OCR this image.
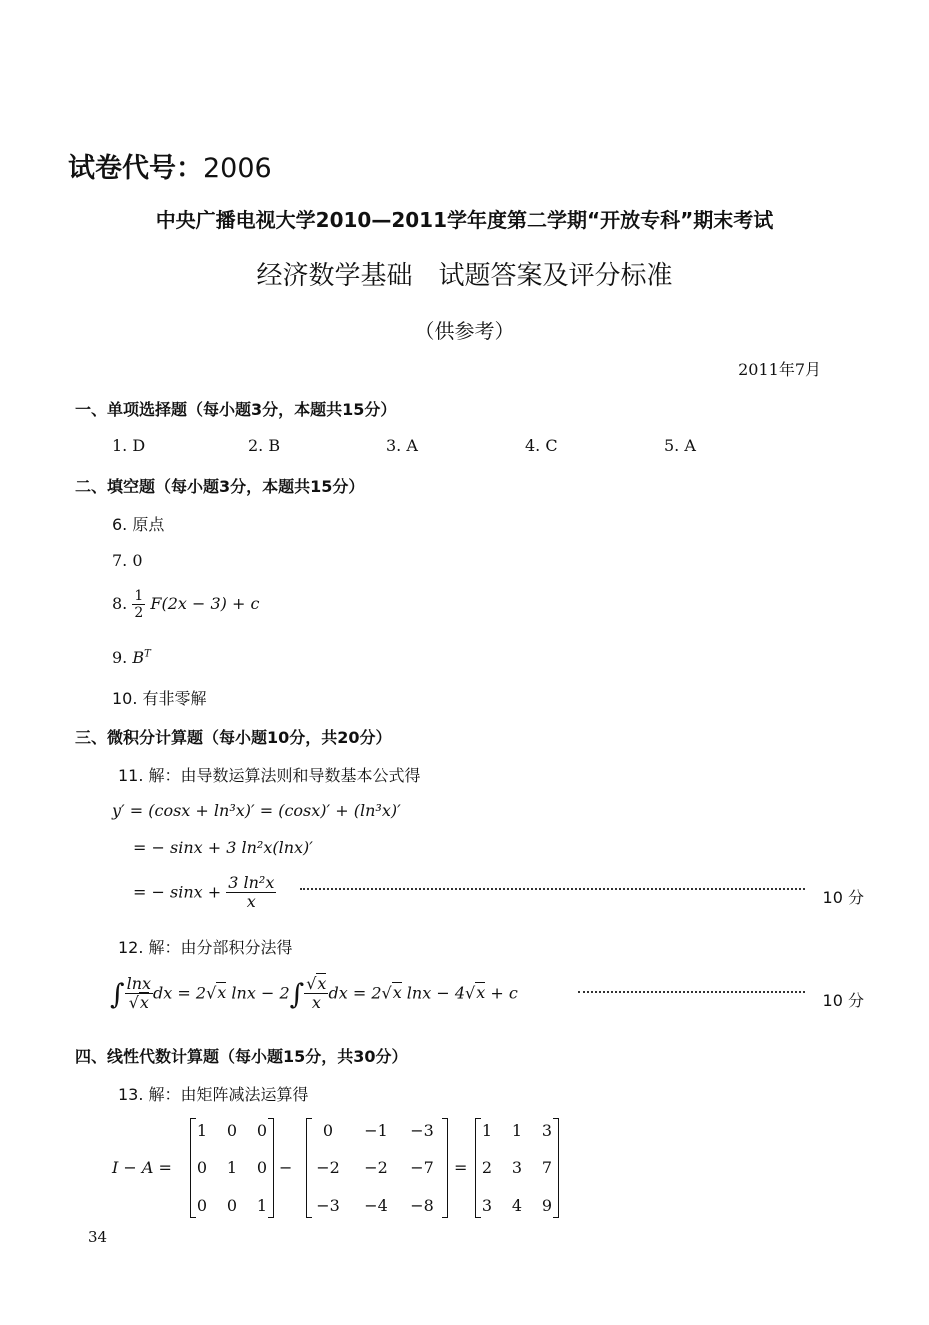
试卷代号：2006
中央广播电视大学2010—2011学年度第二学期“开放专科”期末考试
经济数学基础　试题答案及评分标准
（供参考）
2011年7月
一、单项选择题（每小题3分，本题共15分）
1. D	2. B	3. A	4. C	5. A
二、填空题（每小题3分，本题共15分）
6. 原点
7. 0
8. $\frac{1}{2} F(2x - 3) + c$
9. $B^T$
10. 有非零解
三、微积分计算题（每小题10分，共20分）
11. 解：由导数运算法则和导数基本公式得
y′ = (cosx + ln³x)′ = (cosx)′ + (ln³x)′
= − sinx + 3 ln²x(lnx)′
= − $\sin x + \frac{\text{3 ln²x}}{x}$	10 分
12. 解：由分部积分法得
∫ $\frac{\ln x}{√x}$ dx = 2√x $\ln x - 2\int \frac{√x}{x}$ dx = 2√x lnx − 4√x + c	10 分
四、线性代数计算题（每小题15分，共30分）
13. 解：由矩阵减法运算得
I − A =
1	0	0
0	1	0
0	0	1
−
0	−1	−3
−2	−2	−7
−3	−4	−8
=
1	1	3
2	3	7
3	4	9
34
